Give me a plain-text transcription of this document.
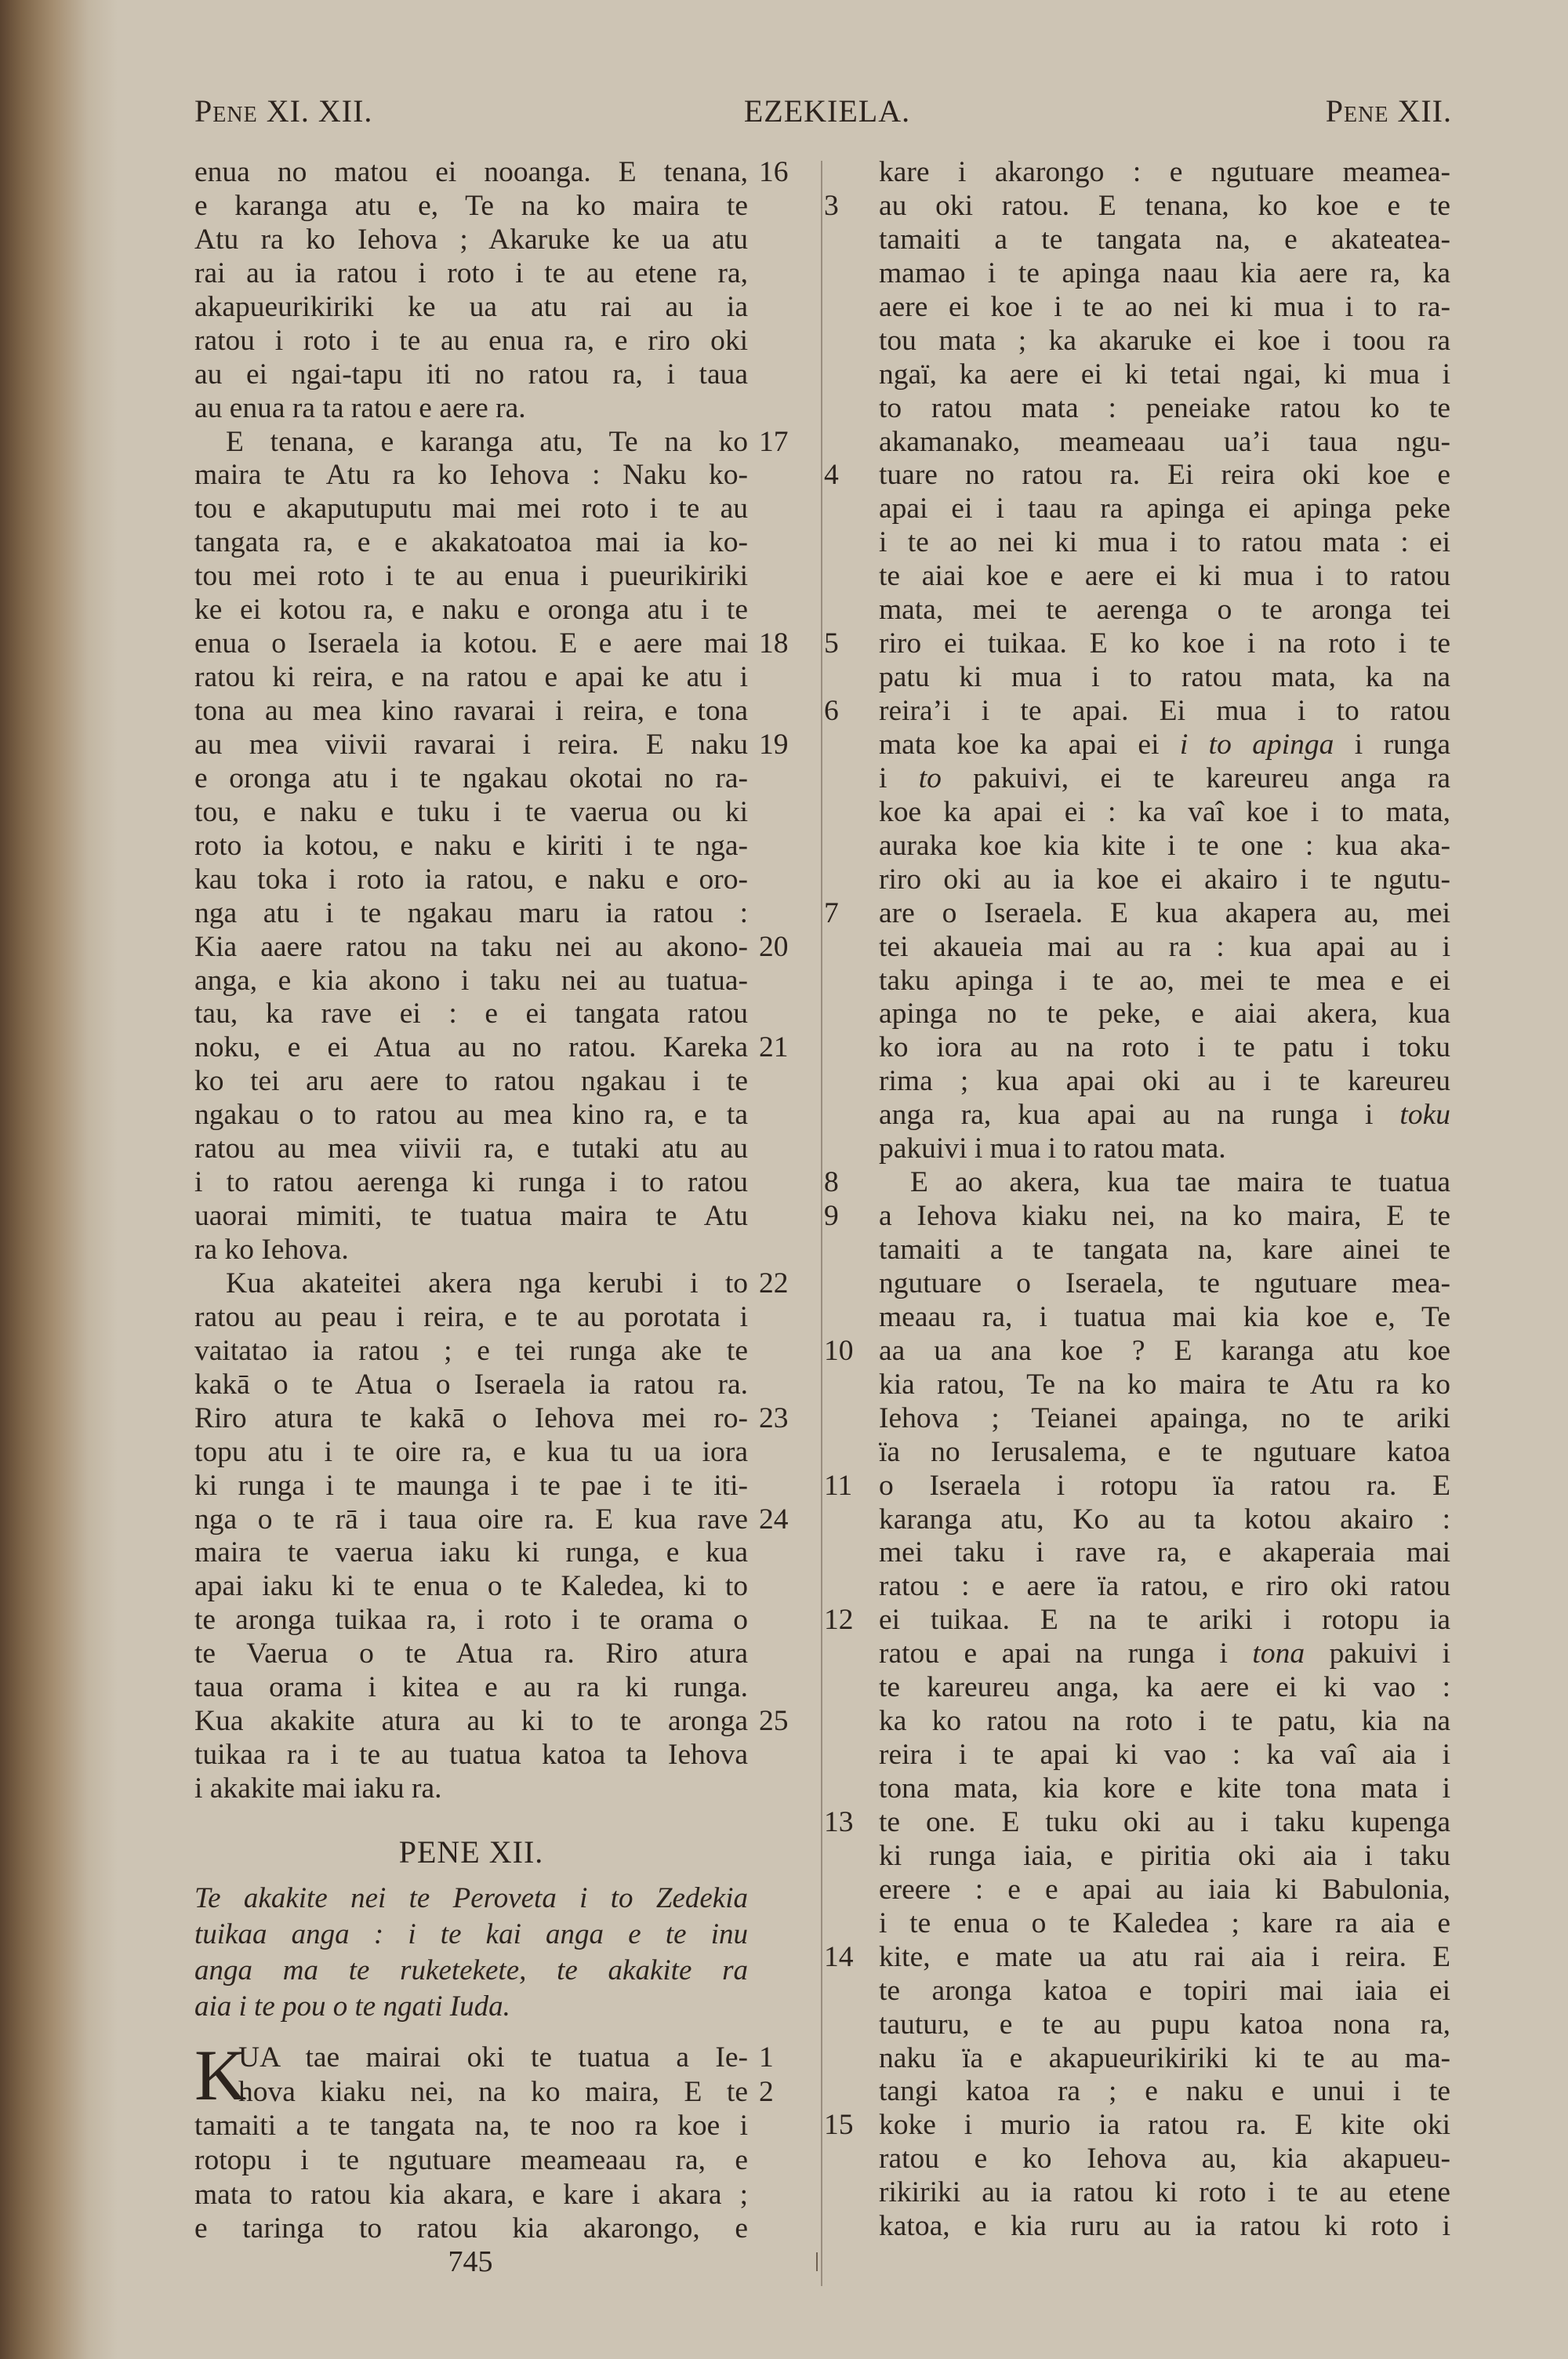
Pene XI. XII.	EZEKIELA.	Pene XII.
enua no matou ei nooanga. E tenana, 16
e karanga atu e, Te na ko maira te
Atu ra ko Iehova ; Akaruke ke ua atu
rai au ia ratou i roto i te au etene ra,
akapueurikiriki ke ua atu rai au ia
ratou i roto i te au enua ra, e riro oki
au ei ngai-tapu iti no ratou ra, i taua
au enua ra ta ratou e aere ra.
E tenana, e karanga atu, Te na ko 17
maira te Atu ra ko Iehova : Naku ko-
tou e akaputuputu mai mei roto i te au
tangata ra, e e akakatoatoa mai ia ko-
tou mei roto i te au enua i pueurikiriki
ke ei kotou ra, e naku e oronga atu i te
enua o Iseraela ia kotou. E e aere mai 18
ratou ki reira, e na ratou e apai ke atu i
tona au mea kino ravarai i reira, e tona
au mea viivii ravarai i reira. E naku 19
e oronga atu i te ngakau okotai no ra-
tou, e naku e tuku i te vaerua ou ki
roto ia kotou, e naku e kiriti i te nga-
kau toka i roto ia ratou, e naku e oro-
nga atu i te ngakau maru ia ratou :
Kia aaere ratou na taku nei au akono- 20
anga, e kia akono i taku nei au tuatua-
tau, ka rave ei : e ei tangata ratou
noku, e ei Atua au no ratou. Kareka 21
ko tei aru aere to ratou ngakau i te
ngakau o to ratou au mea kino ra, e ta
ratou au mea viivii ra, e tutaki atu au
i to ratou aerenga ki runga i to ratou
uaorai mimiti, te tuatua maira te Atu
ra ko Iehova.
Kua akateitei akera nga kerubi i to 22
ratou au peau i reira, e te au porotata i
vaitatao ia ratou ; e tei runga ake te
kakā o te Atua o Iseraela ia ratou ra.
Riro atura te kakā o Iehova mei ro- 23
topu atu i te oire ra, e kua tu ua iora
ki runga i te maunga i te pae i te iti-
nga o te rā i taua oire ra. E kua rave 24
maira te vaerua iaku ki runga, e kua
apai iaku ki te enua o te Kaledea, ki to
te aronga tuikaa ra, i roto i te orama o
te Vaerua o te Atua ra. Riro atura
taua orama i kitea e au ra ki runga.
Kua akakite atura au ki to te aronga 25
tuikaa ra i te au tuatua katoa ta Iehova
i akakite mai iaku ra.
PENE XII.
Te akakite nei te Peroveta i to Zedekia
tuikaa anga : i te kai anga e te inu
anga ma te ruketekete, te akakite ra
aia i te pou o te ngati Iuda.
K
UA tae mairai oki te tuatua a Ie- 1
hova kiaku nei, na ko maira, E te 2
tamaiti a te tangata na, te noo ra koe i
rotopu i te ngutuare meameaau ra, e
mata to ratou kia akara, e kare i akara ;
e taringa to ratou kia akarongo, e
kare i akarongo : e ngutuare meamea-
au oki ratou. E tenana, ko koe e te
3
tamaiti a te tangata na, e akateatea-
mamao i te apinga naau kia aere ra, ka
aere ei koe i te ao nei ki mua i to ra-
tou mata ; ka akaruke ei koe i toou ra
ngaï, ka aere ei ki tetai ngai, ki mua i
to ratou mata : peneiake ratou ko te
akamanako, meameaau ua’i taua ngu-
tuare no ratou ra. Ei reira oki koe e
4
apai ei i taau ra apinga ei apinga peke
i te ao nei ki mua i to ratou mata : ei
te aiai koe e aere ei ki mua i to ratou
mata, mei te aerenga o te aronga tei
riro ei tuikaa. E ko koe i na roto i te
5
patu ki mua i to ratou mata, ka na
reira’i i te apai. Ei mua i to ratou
6
mata koe ka apai ei i to apinga i runga
i to pakuivi, ei te kareureu anga ra
koe ka apai ei : ka vaî koe i to mata,
auraka koe kia kite i te one : kua aka-
riro oki au ia koe ei akairo i te ngutu-
are o Iseraela. E kua akapera au, mei
7
tei akaueia mai au ra : kua apai au i
taku apinga i te ao, mei te mea e ei
apinga no te peke, e aiai akera, kua
ko iora au na roto i te patu i toku
rima ; kua apai oki au i te kareureu
anga ra, kua apai au na runga i toku
pakuivi i mua i to ratou mata.
E ao akera, kua tae maira te tuatua
8
a Iehova kiaku nei, na ko maira, E te
9
tamaiti a te tangata na, kare ainei te
ngutuare o Iseraela, te ngutuare mea-
meaau ra, i tuatua mai kia koe e, Te
aa ua ana koe ? E karanga atu koe
10
kia ratou, Te na ko maira te Atu ra ko
Iehova ; Teianei apainga, no te ariki
ïa no Ierusalema, e te ngutuare katoa
o Iseraela i rotopu ïa ratou ra. E
11
karanga atu, Ko au ta kotou akairo :
mei taku i rave ra, e akaperaia mai
ratou : e aere ïa ratou, e riro oki ratou
ei tuikaa. E na te ariki i rotopu ia
12
ratou e apai na runga i tona pakuivi i
te kareureu anga, ka aere ei ki vao :
ka ko ratou na roto i te patu, kia na
reira i te apai ki vao : ka vaî aia i
tona mata, kia kore e kite tona mata i
te one. E tuku oki au i taku kupenga
13
ki runga iaia, e piritia oki aia i taku
ereere : e e apai au iaia ki Babulonia,
i te enua o te Kaledea ; kare ra aia e
kite, e mate ua atu rai aia i reira. E
14
te aronga katoa e topiri mai iaia ei
tauturu, e te au pupu katoa nona ra,
naku ïa e akapueurikiriki ki te au ma-
tangi katoa ra ; e naku e unui i te
koke i murio ia ratou ra. E kite oki
15
ratou e ko Iehova au, kia akapueu-
rikiriki au ia ratou ki roto i te au etene
katoa, e kia ruru au ia ratou ki roto i
745
